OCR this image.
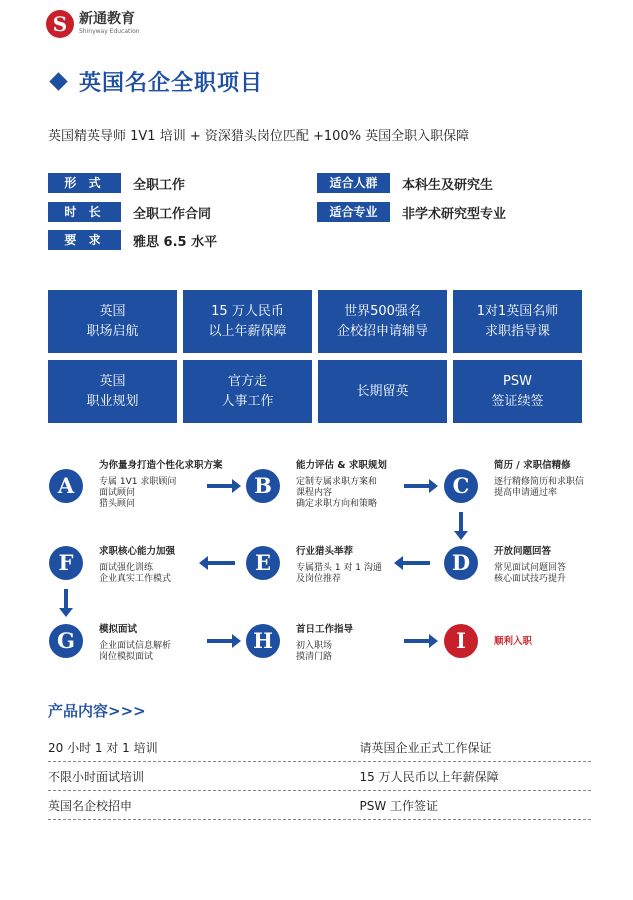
S 新通教育
Shinyway Education
英国名企全职项目
英国精英导师 1V1 培训 + 资深猎头岗位匹配 +100% 英国全职入职保障
形 式	全职工作
时 长	全职工作合同
要 求	雅思 6.5 水平
适合人群	本科生及研究生
适合专业	非学术研究型专业
英国
职场启航
15 万人民币
以上年薪保障
世界500强名
企校招申请辅导
1对1英国名师
求职指导课
英国
职业规划
官方走
人事工作
长期留英
PSW
签证续签
A
为你量身打造个性化求职方案
专属 1V1 求职顾问
面试顾问
猎头顾问
B
能力评估 & 求职规划
定制专属求职方案和
课程内容
确定求职方向和策略
C
简历 / 求职信精修
逐行精修简历和求职信
提高申请通过率
D	开放问题回答
常见面试问题回答
核心面试技巧提升
E	行业猎头举荐
专属猎头 1 对 1 沟通
及岗位推荐
F	求职核心能力加强
面试强化训练
企业真实工作模式
G	模拟面试
企业面试信息解析
岗位模拟面试
H	首日工作指导
初入职场
摸清门路
I	顺利入职
产品内容>>>
20 小时 1 对 1 培训	请英国企业正式工作保证
不限小时面试培训	15 万人民币以上年薪保障
英国名企校招申	PSW 工作签证
